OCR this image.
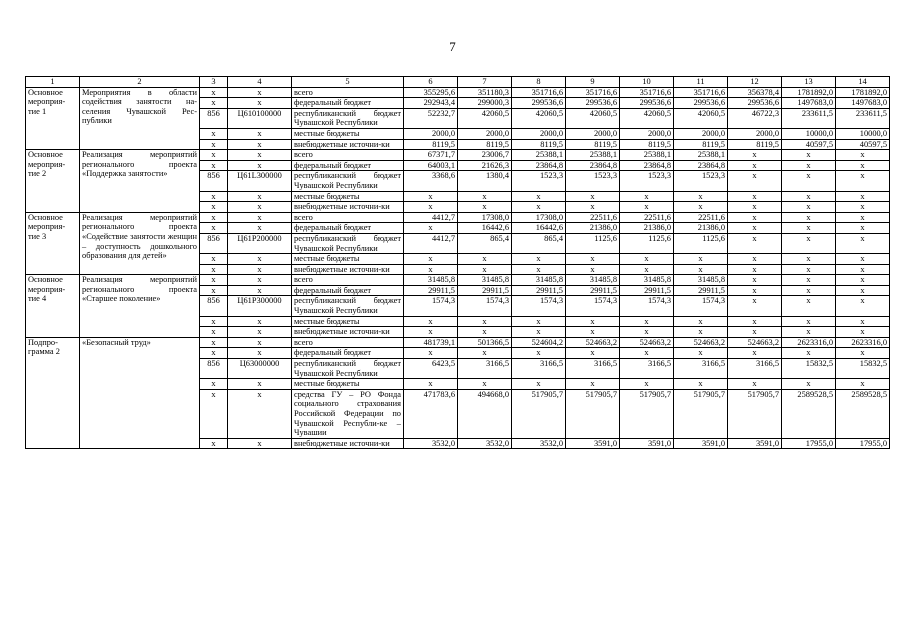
7
1	2	3	4	5	6	7	8	9	10	11	12	13	14
Основное мероприя-тие 1	Мероприятия в области содействия занятости на-селения Чувашской Рес-публики	x	x	всего	355295,6	351180,3	351716,6	351716,6	351716,6	351716,6	356378,4	1781892,0	1781892,0
		x	x	федеральный бюджет	292943,4	299000,3	299536,6	299536,6	299536,6	299536,6	299536,6	1497683,0	1497683,0
		856	Ц610100000	республиканский бюджет Чувашской Республики	52232,7	42060,5	42060,5	42060,5	42060,5	42060,5	46722,3	233611,5	233611,5
		x	x	местные бюджеты	2000,0	2000,0	2000,0	2000,0	2000,0	2000,0	2000,0	10000,0	10000,0
		x	x	внебюджетные источни-ки	8119,5	8119,5	8119,5	8119,5	8119,5	8119,5	8119,5	40597,5	40597,5
Основное мероприя-тие 2	Реализация мероприятий регионального проекта «Поддержка занятости»	x	x	всего	67371,7	23006,7	25388,1	25388,1	25388,1	25388,1	x	x	x
		x	x	федеральный бюджет	64003,1	21626,3	23864,8	23864,8	23864,8	23864,8	x	x	x
		856	Ц61L300000	республиканский бюджет Чувашской Республики	3368,6	1380,4	1523,3	1523,3	1523,3	1523,3	x	x	x
		x	x	местные бюджеты	x	x	x	x	x	x	x	x	x
		x	x	внебюджетные источни-ки	x	x	x	x	x	x	x	x	x
Основное мероприя-тие 3	Реализация мероприятий регионального проекта «Содействие занятости женщин – доступность дошкольного образования для детей»	x	x	всего	4412,7	17308,0	17308,0	22511,6	22511,6	22511,6	x	x	x
		x	x	федеральный бюджет	x	16442,6	16442,6	21386,0	21386,0	21386,0	x	x	x
		856	Ц61P200000	республиканский бюджет Чувашской Республики	4412,7	865,4	865,4	1125,6	1125,6	1125,6	x	x	x
		x	x	местные бюджеты	x	x	x	x	x	x	x	x	x
		x	x	внебюджетные источни-ки	x	x	x	x	x	x	x	x	x
Основное мероприя-тие 4	Реализация мероприятий регионального проекта «Старшее поколение»	x	x	всего	31485,8	31485,8	31485,8	31485,8	31485,8	31485,8	x	x	x
		x	x	федеральный бюджет	29911,5	29911,5	29911,5	29911,5	29911,5	29911,5	x	x	x
		856	Ц61P300000	республиканский бюджет Чувашской Республики	1574,3	1574,3	1574,3	1574,3	1574,3	1574,3	x	x	x
		x	x	местные бюджеты	x	x	x	x	x	x	x	x	x
		x	x	внебюджетные источни-ки	x	x	x	x	x	x	x	x	x
Подпро-грамма 2	«Безопасный труд»	x	x	всего	481739,1	501366,5	524604,2	524663,2	524663,2	524663,2	524663,2	2623316,0	2623316,0
		x	x	федеральный бюджет	x	x	x	x	x	x	x	x	x
		856	Ц63000000	республиканский бюджет Чувашской Республики	6423,5	3166,5	3166,5	3166,5	3166,5	3166,5	3166,5	15832,5	15832,5
		x	x	местные бюджеты	x	x	x	x	x	x	x	x	x
		x	x	средства ГУ – РО Фонда социального страхования Российской Федерации по Чувашской Республи-ке – Чувашии	471783,6	494668,0	517905,7	517905,7	517905,7	517905,7	517905,7	2589528,5	2589528,5
		x	x	внебюджетные источни-ки	3532,0	3532,0	3532,0	3591,0	3591,0	3591,0	3591,0	17955,0	17955,0
